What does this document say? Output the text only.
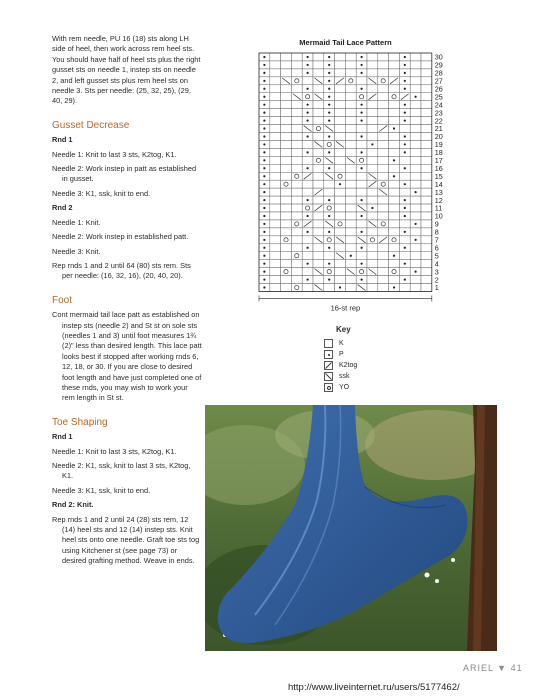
With rem needle, PU 16 (18) sts along LH side of heel, then work across rem heel sts. You should have half of heel sts plus the right gusset sts on needle 1, instep sts on needle 2, and left gusset sts plus rem heel sts on needle 3. Sts per needle: (25, 32, 25), (29, 40, 29).

Gusset Decrease

Rnd 1

Needle 1: Knit to last 3 sts, K2tog, K1.

Needle 2: Work instep in patt as established in gusset.

Needle 3: K1, ssk, knit to end.

Rnd 2

Needle 1: Knit.

Needle 2: Work instep in established patt.

Needle 3: Knit.

Rep rnds 1 and 2 until 64 (80) sts rem. Sts per needle: (16, 32, 16), (20, 40, 20).

Foot

Cont mermaid tail lace patt as established on instep sts (needle 2) and St st on sole sts (needles 1 and 3) until foot measures 1¾ (2)" less than desired length. This lace patt looks best if stopped after working rnds 6, 12, 18, or 30. If you are close to desired foot length and have just completed one of these rnds, you may wish to work your rem length in St st.

Toe Shaping

Rnd 1

Needle 1: Knit to last 3 sts, K2tog, K1.

Needle 2: K1, ssk, knit to last 3 sts, K2tog, K1.

Needle 3: K1, ssk, knit to end.

Rnd 2: Knit.

Rep rnds 1 and 2 until 24 (28) sts rem, 12 (14) heel sts and 12 (14) instep sts. Knit heel sts onto one needle. Graft toe sts tog using Kitchener st (see page 73) or desired grafting method. Weave in ends.

Mermaid Tail Lace Pattern
30
29
28
27
26
25
24
23
22
21
20
19
18
17
16
15
14
13
12
11
10
9
8
7
6
5
4
3
2
1
16-st rep
Key
K
P
K2tog
ssk
YO
ARIEL ▼ 41
http://www.liveinternet.ru/users/5177462/
